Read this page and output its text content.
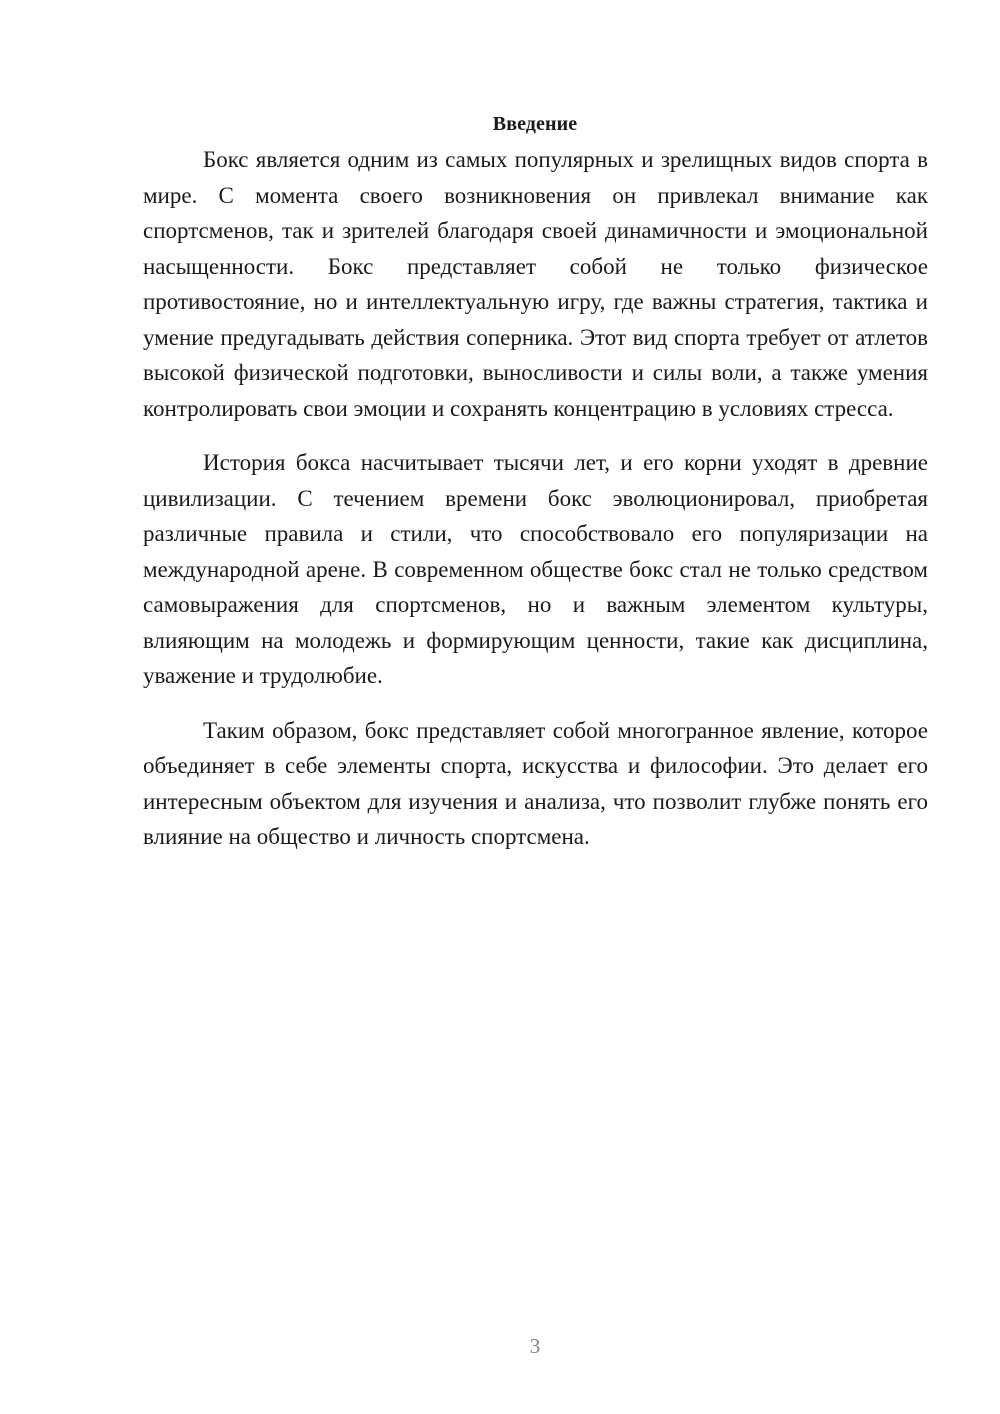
Введение

Бокс является одним из самых популярных и зрелищных видов спорта в мире. С момента своего возникновения он привлекал внимание как спортсменов, так и зрителей благодаря своей динамичности и эмоциональной насыщенности. Бокс представляет собой не только физическое противостояние, но и интеллектуальную игру, где важны стратегия, тактика и умение предугадывать действия соперника. Этот вид спорта требует от атлетов высокой физической подготовки, выносливости и силы воли, а также умения контролировать свои эмоции и сохранять концентрацию в условиях стресса.

История бокса насчитывает тысячи лет, и его корни уходят в древние цивилизации. С течением времени бокс эволюционировал, приобретая различные правила и стили, что способствовало его популяризации на международной арене. В современном обществе бокс стал не только средством самовыражения для спортсменов, но и важным элементом культуры, влияющим на молодежь и формирующим ценности, такие как дисциплина, уважение и трудолюбие.

Таким образом, бокс представляет собой многогранное явление, которое объединяет в себе элементы спорта, искусства и философии. Это делает его интересным объектом для изучения и анализа, что позволит глубже понять его влияние на общество и личность спортсмена.

3
